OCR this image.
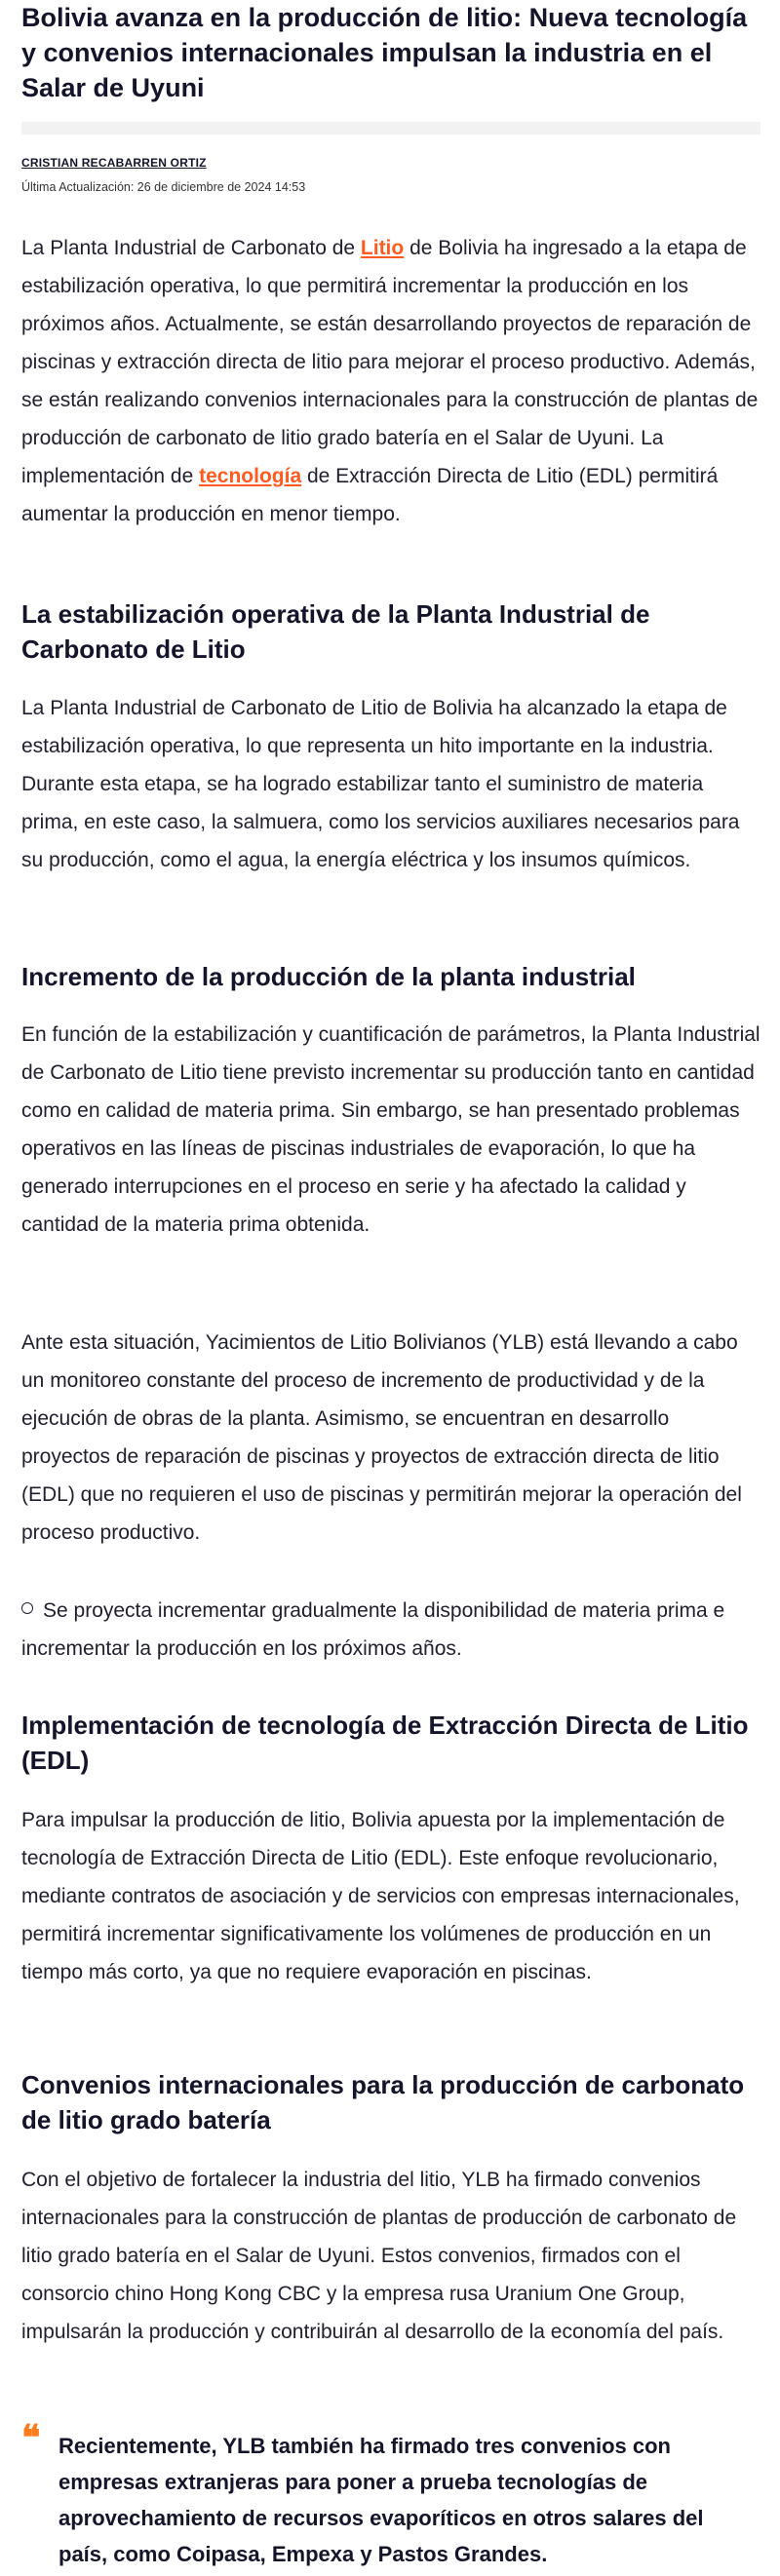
Bolivia avanza en la producción de litio: Nueva tecnología y convenios internacionales impulsan la industria en el Salar de Uyuni
CRISTIAN RECABARREN ORTIZ
Última Actualización: 26 de diciembre de 2024 14:53

La Planta Industrial de Carbonato de Litio de Bolivia ha ingresado a la etapa de estabilización operativa, lo que permitirá incrementar la producción en los próximos años. Actualmente, se están desarrollando proyectos de reparación de piscinas y extracción directa de litio para mejorar el proceso productivo. Además, se están realizando convenios internacionales para la construcción de plantas de producción de carbonato de litio grado batería en el Salar de Uyuni. La implementación de tecnología de Extracción Directa de Litio (EDL) permitirá aumentar la producción en menor tiempo.

La estabilización operativa de la Planta Industrial de Carbonato de Litio

La Planta Industrial de Carbonato de Litio de Bolivia ha alcanzado la etapa de estabilización operativa, lo que representa un hito importante en la industria. Durante esta etapa, se ha logrado estabilizar tanto el suministro de materia prima, en este caso, la salmuera, como los servicios auxiliares necesarios para su producción, como el agua, la energía eléctrica y los insumos químicos.

Incremento de la producción de la planta industrial

En función de la estabilización y cuantificación de parámetros, la Planta Industrial de Carbonato de Litio tiene previsto incrementar su producción tanto en cantidad como en calidad de materia prima. Sin embargo, se han presentado problemas operativos en las líneas de piscinas industriales de evaporación, lo que ha generado interrupciones en el proceso en serie y ha afectado la calidad y cantidad de la materia prima obtenida.

Ante esta situación, Yacimientos de Litio Bolivianos (YLB) está llevando a cabo un monitoreo constante del proceso de incremento de productividad y de la ejecución de obras de la planta. Asimismo, se encuentran en desarrollo proyectos de reparación de piscinas y proyectos de extracción directa de litio (EDL) que no requieren el uso de piscinas y permitirán mejorar la operación del proceso productivo.

Se proyecta incrementar gradualmente la disponibilidad de materia prima e incrementar la producción en los próximos años.

Implementación de tecnología de Extracción Directa de Litio (EDL)

Para impulsar la producción de litio, Bolivia apuesta por la implementación de tecnología de Extracción Directa de Litio (EDL). Este enfoque revolucionario, mediante contratos de asociación y de servicios con empresas internacionales, permitirá incrementar significativamente los volúmenes de producción en un tiempo más corto, ya que no requiere evaporación en piscinas.

Convenios internacionales para la producción de carbonato de litio grado batería

Con el objetivo de fortalecer la industria del litio, YLB ha firmado convenios internacionales para la construcción de plantas de producción de carbonato de litio grado batería en el Salar de Uyuni. Estos convenios, firmados con el consorcio chino Hong Kong CBC y la empresa rusa Uranium One Group, impulsarán la producción y contribuirán al desarrollo de la economía del país.

❝ Recientemente, YLB también ha firmado tres convenios con empresas extranjeras para poner a prueba tecnologías de aprovechamiento de recursos evaporíticos en otros salares del país, como Coipasa, Empexa y Pastos Grandes.
